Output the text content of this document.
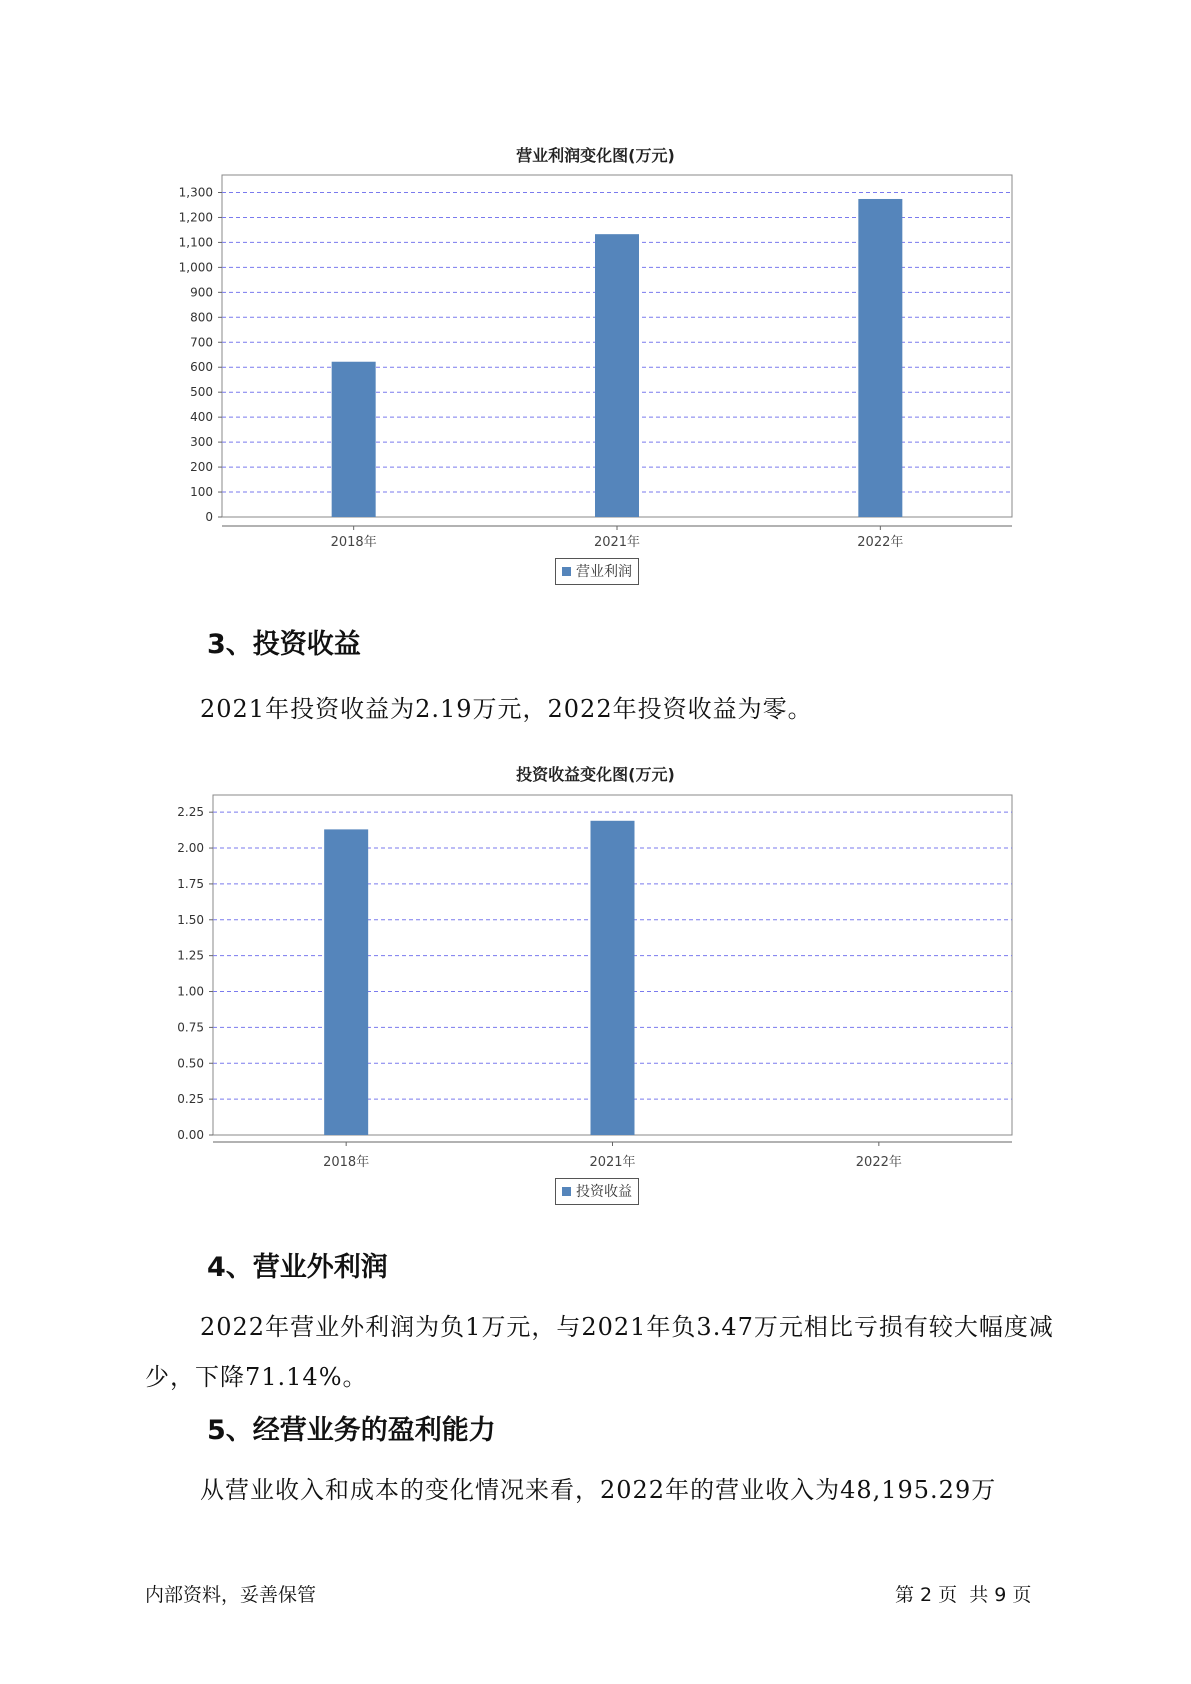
营业利润变化图(万元)
0
100
200
300
400
500
600
700
800
900
1,000
1,100
1,200
1,300
2018年	2021年	2022年
营业利润
3、投资收益
2021年投资收益为2.19万元，2022年投资收益为零。
投资收益变化图(万元)
0.00
0.25
0.50
0.75
1.00
1.25
1.50
1.75
2.00
2.25
2018年	2021年	2022年
投资收益
4、营业外利润
2022年营业外利润为负1万元，与2021年负3.47万元相比亏损有较大幅度减少，下降71.14%。
5、经营业务的盈利能力
从营业收入和成本的变化情况来看，2022年的营业收入为48,195.29万
内部资料，妥善保管	第 2 页  共 9 页
